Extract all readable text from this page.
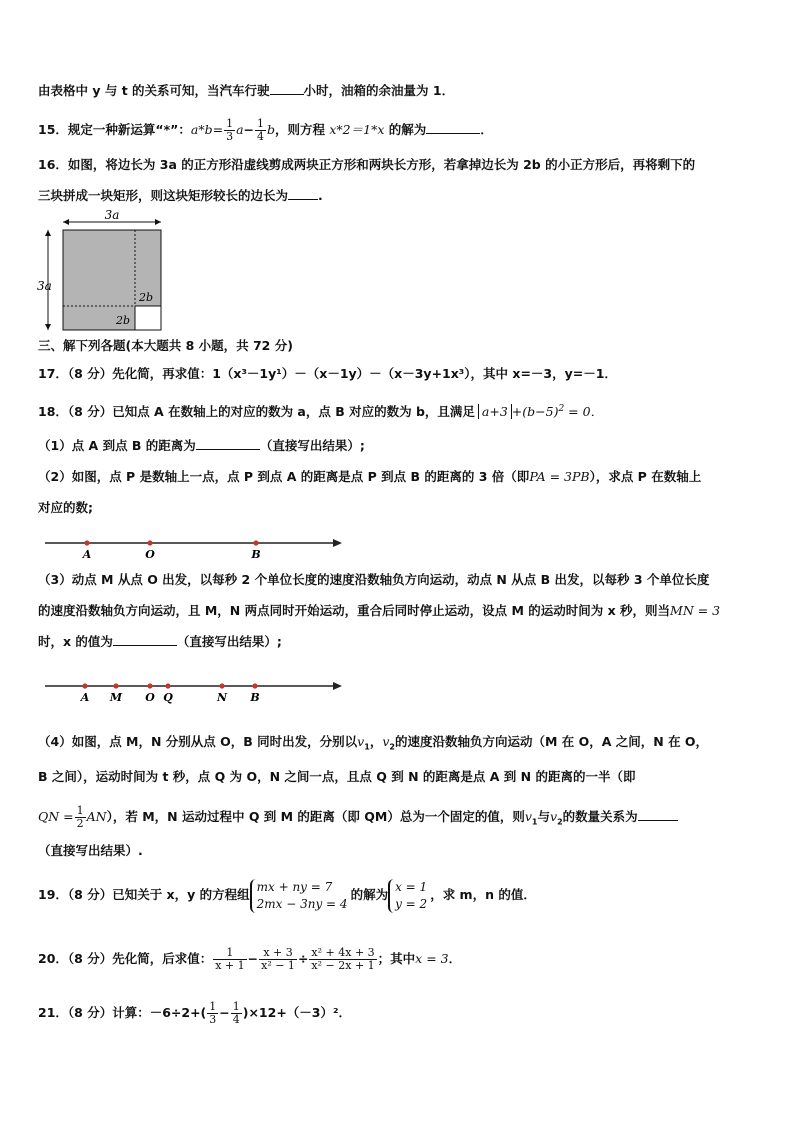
由表格中 y 与 t 的关系可知，当汽车行驶	小时，油箱的余油量为 1．
15．规定一种新运算“*”：$a*b= \frac{1}{3} a- \frac{1}{4}$ b，则方程 x*2＝1*x 的解为	．
16．如图，将边长为 3a 的正方形沿虚线剪成两块正方形和两块长方形，若拿掉边长为 2b 的小正方形后，再将剩下的
三块拼成一块矩形，则这块矩形较长的边长为 .
3a
3a
2b
2b
三、解下列各题(本大题共 8 小题，共 72 分)
17．（8 分）先化简，再求值：1（x³－1y¹）－（x－1y）－（x－3y+1x³），其中 x=－3，y=－1．
18．（8 分）已知点 A 在数轴上的对应的数为 a，点 B 对应的数为 b，且满足 $a+3 +(b-5)^2 = 0$．
（1）点 A 到点 B 的距离为	（直接写出结果）;
（2）如图，点 P 是数轴上一点，点 P 到点 A 的距离是点 P 到点 B 的距离的 3 倍（即PA = 3PB），求点 P 在数轴上
对应的数;
A	O	B
（3）动点 M 从点 O 出发，以每秒 2 个单位长度的速度沿数轴负方向运动，动点 N 从点 B 出发，以每秒 3 个单位长度
的速度沿数轴负方向运动，且 M，N 两点同时开始运动，重合后同时停止运动，设点 M 的运动时间为 x 秒，则当MN = 3
时，x 的值为	（直接写出结果）;
A M O Q	N B
（4）如图，点 M，N 分别从点 O，B 同时出发，分别以$v_1$，$v_2$的速度沿数轴负方向运动（M 在 O，A 之间，N 在 O，
B 之间），运动时间为 t 秒，点 Q 为 O，N 之间一点，且点 Q 到 N 的距离是点 A 到 N 的距离的一半（即
QN = $\frac{1}{2} AN$），若 M，N 运动过程中 Q 到 M 的距离（即 QM）总为一个固定的值，则$v_1$与$v_2$的数量关系为
（直接写出结果）.
19．（8 分）已知关于 x，y 的方程组
mx + ny = 7
2mx − 3ny = 4
的解为
x = 1
y = 2
，求 m，n 的值．
20．（8 分）先化简，后求值： $\frac{1}{x + 1} - \frac{x + 3}{\text{x² − 1}} \div \frac{\text{x² + 4x + 3}}{\text{x² − 2x + 1}}$ ；其中x = 3．
21．（8 分）计算：$-6\div 2+( \frac{1}{3} - \frac{1}{4} )\times 12+(-3)^2$．
